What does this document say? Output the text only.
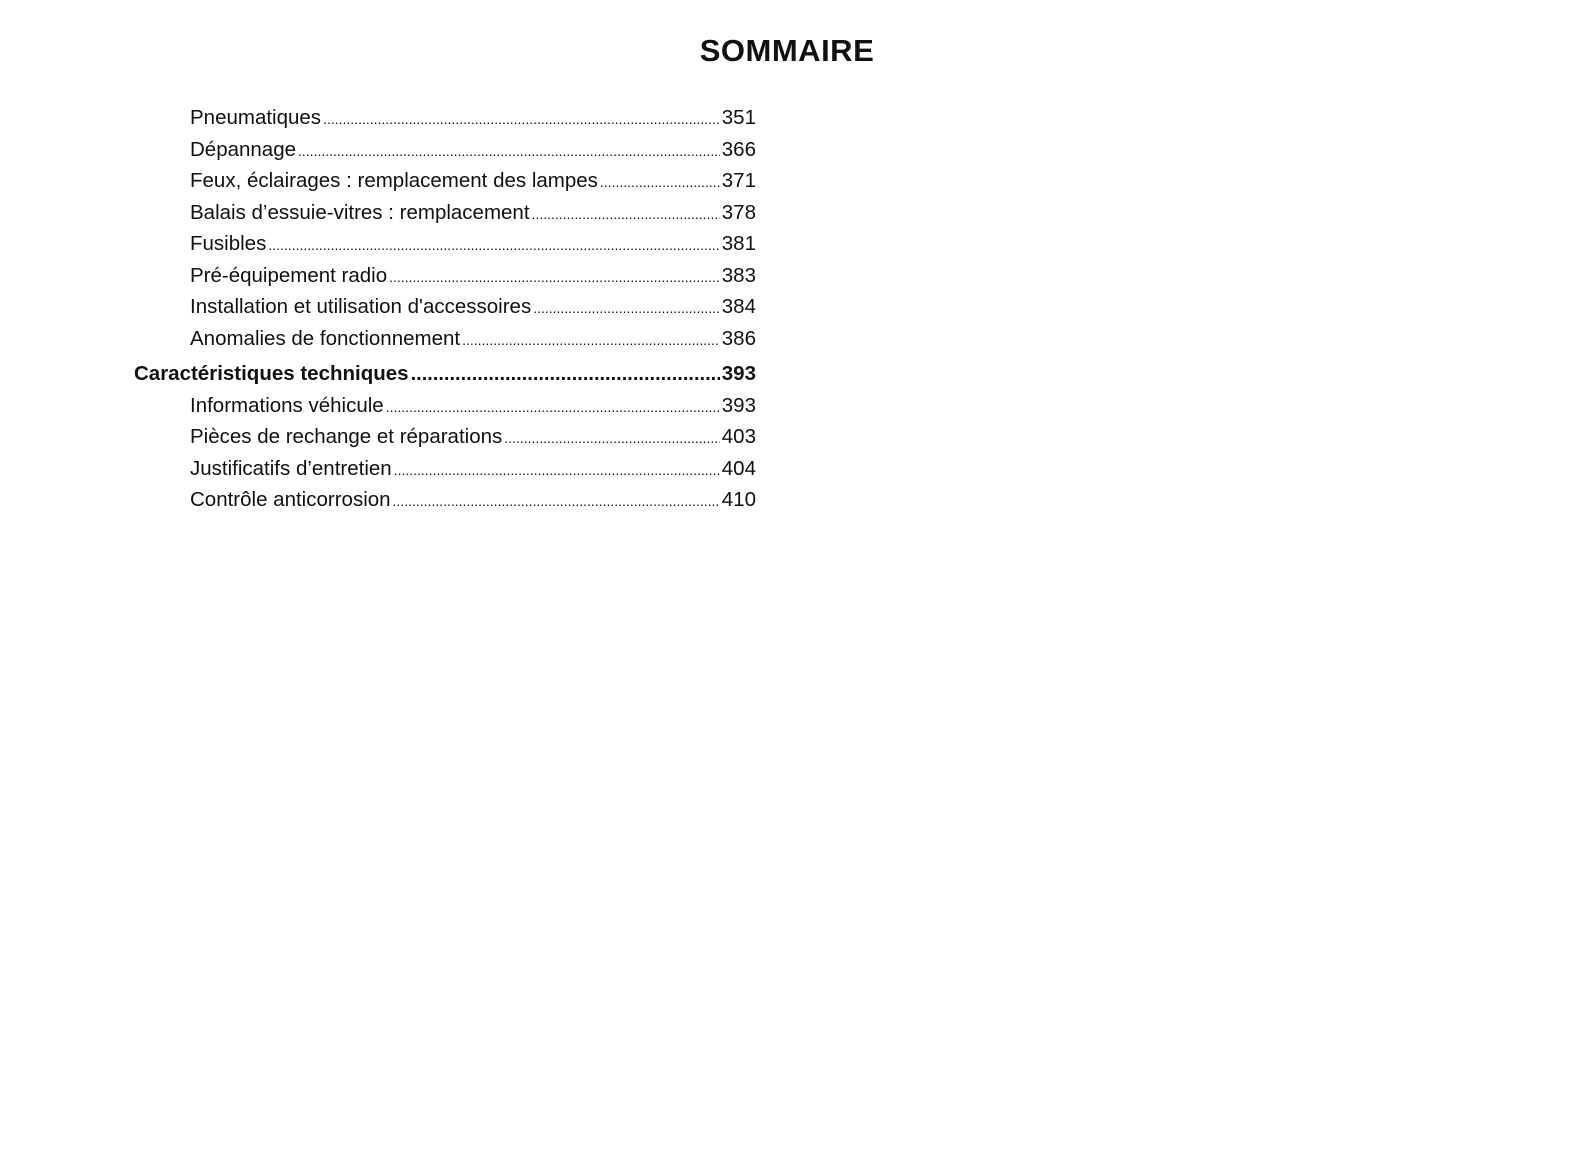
SOMMAIRE
Pneumatiques .....	351
Dépannage .....	366
Feux, éclairages : remplacement des lampes .....	371
Balais d’essuie-vitres : remplacement .....	378
Fusibles .....	381
Pré-équipement radio .....	383
Installation et utilisation d'accessoires .....	384
Anomalies de fonctionnement .....	386
Caractéristiques techniques .....	393
Informations véhicule .....	393
Pièces de rechange et réparations .....	403
Justificatifs d’entretien .....	404
Contrôle anticorrosion .....	410
